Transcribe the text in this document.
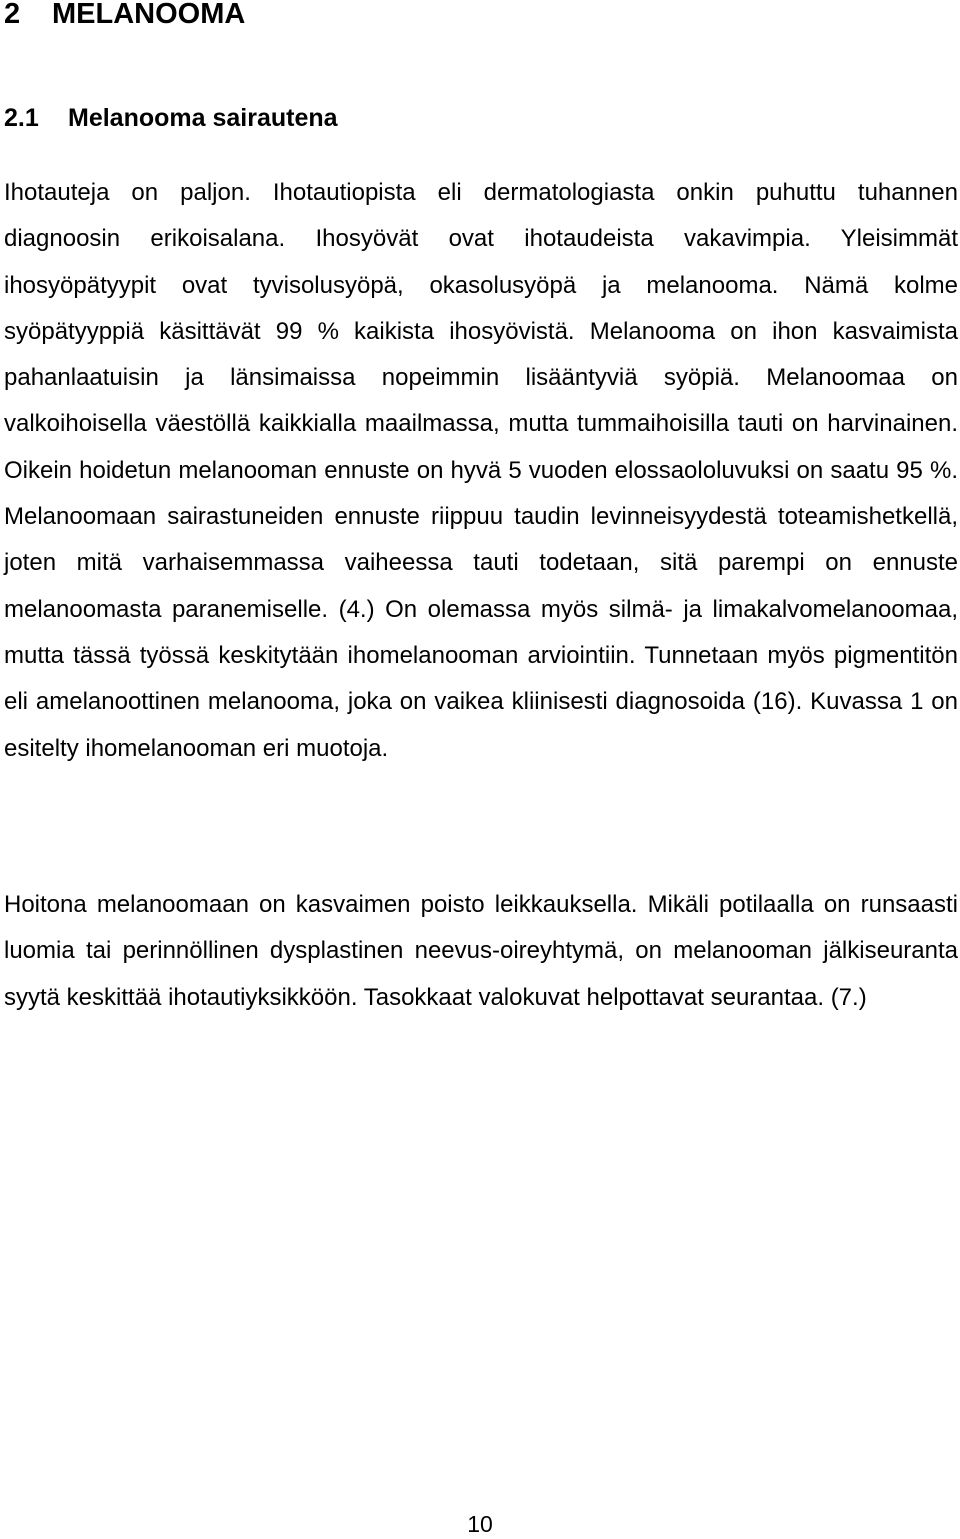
2 MELANOOMA
2.1 Melanooma sairautena

Ihotauteja on paljon. Ihotautiopista eli dermatologiasta onkin puhuttu tuhannen diagnoosin erikoisalana. Ihosyövät ovat ihotaudeista vakavimpia. Yleisimmät ihosyöpätyypit ovat tyvisolusyöpä, okasolusyöpä ja melanooma. Nämä kolme syöpätyyppiä käsittävät 99 % kaikista ihosyövistä. Melanooma on ihon kasvaimista pahanlaatuisin ja länsimaissa nopeimmin lisääntyviä syöpiä. Melanoomaa on valkoihoisella väestöllä kaikkialla maailmassa, mutta tummaihoisilla tauti on harvinainen. Oikein hoidetun melanooman ennuste on hyvä 5 vuoden elossaololuvuksi on saatu 95 %. Melanoomaan sairastuneiden ennuste riippuu taudin levinneisyydestä toteamishetkellä, joten mitä varhaisemmassa vaiheessa tauti todetaan, sitä parempi on ennuste melanoomasta paranemiselle. (4.) On olemassa myös silmä- ja limakalvomelanoomaa, mutta tässä työssä keskitytään ihomelanooman arviointiin. Tunnetaan myös pigmentitön eli amelanoottinen melanooma, joka on vaikea kliinisesti diagnosoida (16). Kuvassa 1 on esitelty ihomelanooman eri muotoja.

Hoitona melanoomaan on kasvaimen poisto leikkauksella. Mikäli potilaalla on runsaasti luomia tai perinnöllinen dysplastinen neevus-oireyhtymä, on melanooman jälkiseuranta syytä keskittää ihotautiyksikköön. Tasokkaat valokuvat helpottavat seurantaa. (7.)

10
